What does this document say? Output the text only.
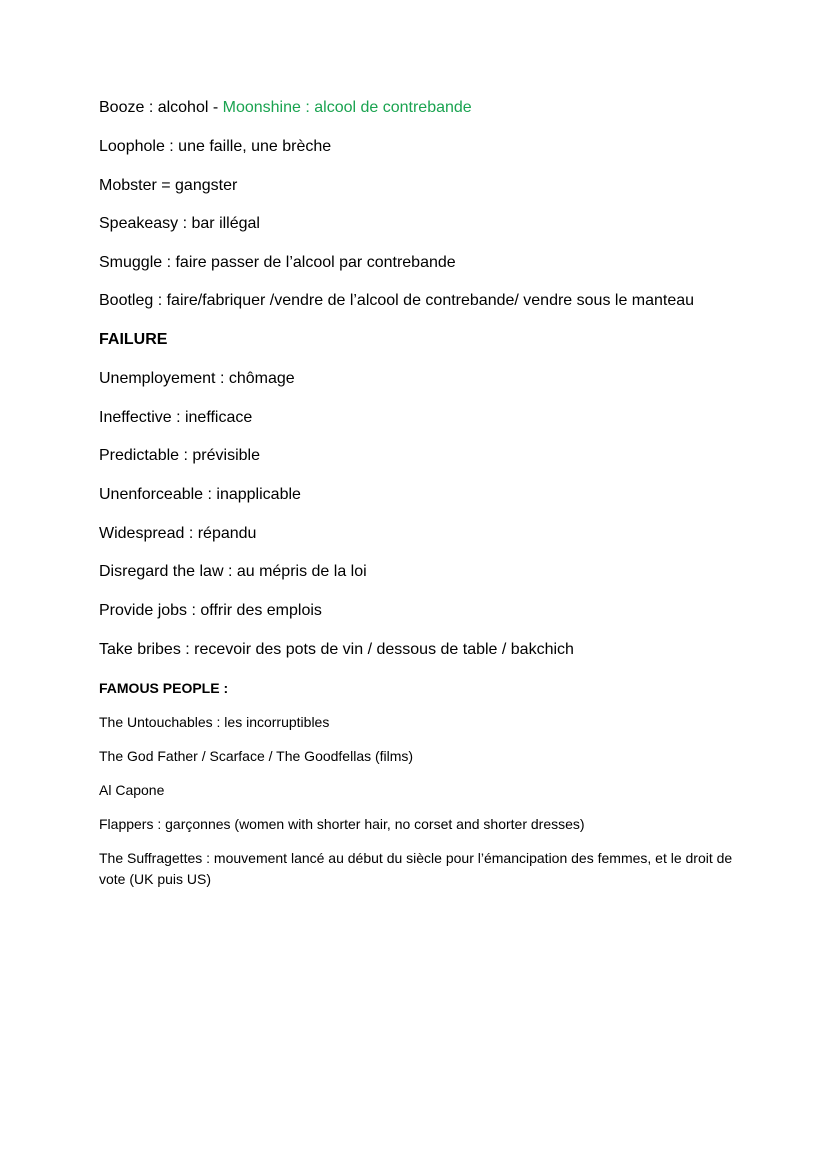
Booze : alcohol - Moonshine : alcool de contrebande

Loophole : une faille, une brèche

Mobster = gangster

Speakeasy : bar illégal

Smuggle : faire passer de l’alcool par contrebande

Bootleg : faire/fabriquer /vendre de l’alcool de contrebande/ vendre sous le manteau

FAILURE

Unemployement : chômage

Ineffective : inefficace

Predictable : prévisible

Unenforceable : inapplicable

Widespread : répandu

Disregard the law : au mépris de la loi

Provide jobs : offrir des emplois

Take bribes : recevoir des pots de vin / dessous de table / bakchich

FAMOUS PEOPLE :

The Untouchables : les incorruptibles

The God Father / Scarface / The Goodfellas (films)

Al Capone

Flappers : garçonnes (women with shorter hair, no corset and shorter dresses)

The Suffragettes : mouvement lancé au début du siècle pour l’émancipation des femmes, et le droit de vote (UK puis US)
